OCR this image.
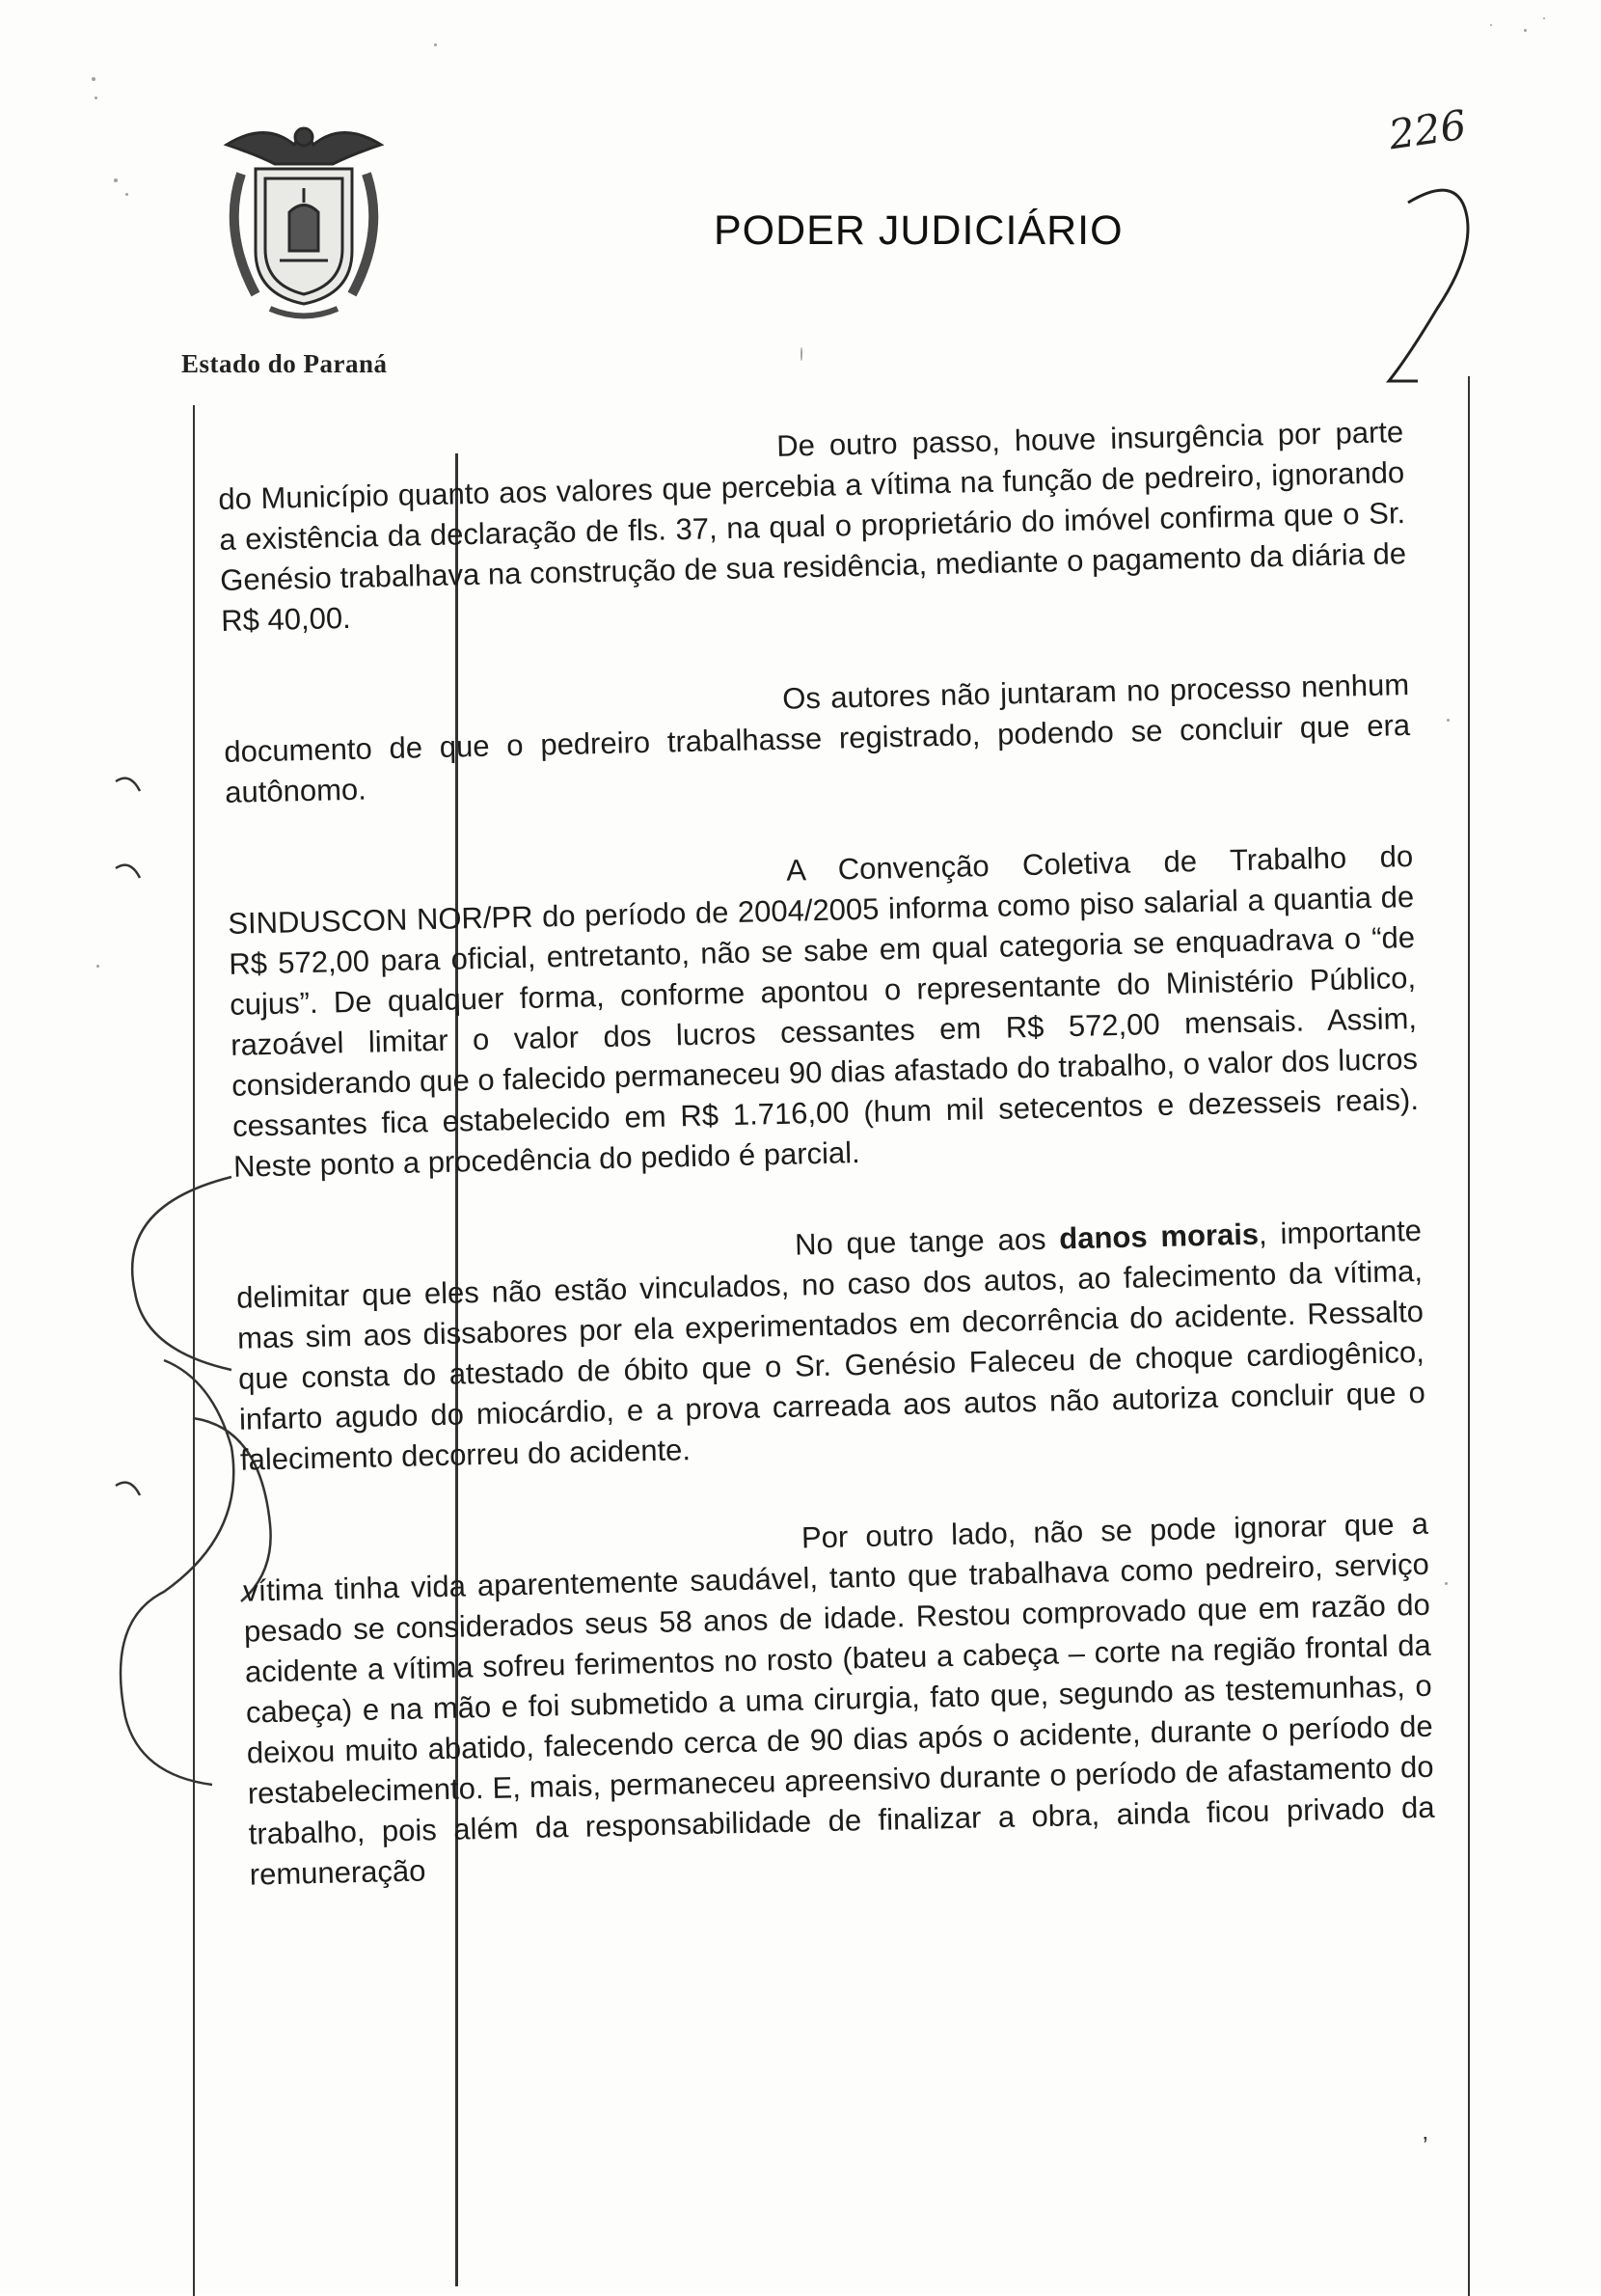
Estado do Paraná
PODER JUDICIÁRIO
226

De outro passo, houve insurgência por parte do Município quanto aos valores que percebia a vítima na função de pedreiro, ignorando a existência da declaração de fls. 37, na qual o proprietário do imóvel confirma que o Sr. Genésio trabalhava na construção de sua residência, mediante o pagamento da diária de R$ 40,00.

Os autores não juntaram no processo nenhum documento de que o pedreiro trabalhasse registrado, podendo se concluir que era autônomo.

A Convenção Coletiva de Trabalho do SINDUSCON NOR/PR do período de 2004/2005 informa como piso salarial a quantia de R$ 572,00 para oficial, entretanto, não se sabe em qual categoria se enquadrava o “de cujus”. De qualquer forma, conforme apontou o representante do Ministério Público, razoável limitar o valor dos lucros cessantes em R$ 572,00 mensais. Assim, considerando que o falecido permaneceu 90 dias afastado do trabalho, o valor dos lucros cessantes fica estabelecido em R$ 1.716,00 (hum mil setecentos e dezesseis reais). Neste ponto a procedência do pedido é parcial.

No que tange aos danos morais, importante delimitar que eles não estão vinculados, no caso dos autos, ao falecimento da vítima, mas sim aos dissabores por ela experimentados em decorrência do acidente. Ressalto que consta do atestado de óbito que o Sr. Genésio Faleceu de choque cardiogênico, infarto agudo do miocárdio, e a prova carreada aos autos não autoriza concluir que o falecimento decorreu do acidente.

Por outro lado, não se pode ignorar que a vítima tinha vida aparentemente saudável, tanto que trabalhava como pedreiro, serviço pesado se considerados seus 58 anos de idade. Restou comprovado que em razão do acidente a vítima sofreu ferimentos no rosto (bateu a cabeça – corte na região frontal da cabeça) e na mão e foi submetido a uma cirurgia, fato que, segundo as testemunhas, o deixou muito abatido, falecendo cerca de 90 dias após o acidente, durante o período de restabelecimento. E, mais, permaneceu apreensivo durante o período de afastamento do trabalho, pois além da responsabilidade de finalizar a obra, ainda ficou privado da remuneração

ʼ
